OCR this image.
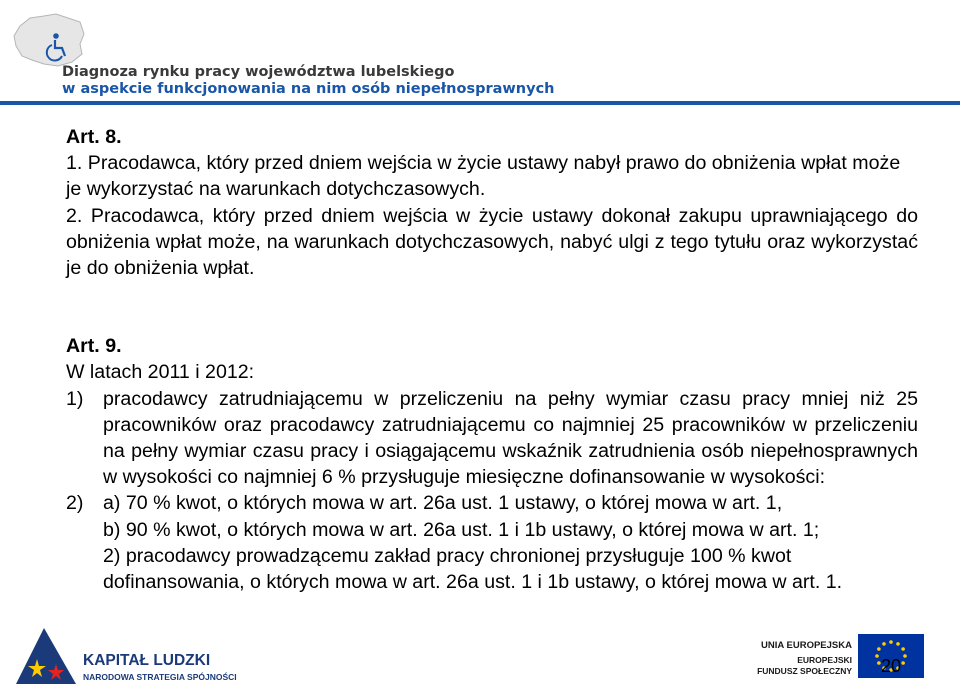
Diagnoza rynku pracy województwa lubelskiego
w aspekcie funkcjonowania na nim osób niepełnosprawnych

Art. 8.

1. Pracodawca, który przed dniem wejścia w życie ustawy nabył prawo do obniżenia wpłat może je wykorzystać na warunkach dotychczasowych.

2. Pracodawca, który przed dniem wejścia w życie ustawy dokonał zakupu uprawniającego do obniżenia wpłat może, na warunkach dotychczasowych, nabyć ulgi z tego tytułu oraz wykorzystać je do obniżenia wpłat.

Art. 9.

W latach 2011 i 2012:

1) pracodawcy zatrudniającemu w przeliczeniu na pełny wymiar czasu pracy mniej niż 25 pracowników oraz pracodawcy zatrudniającemu co najmniej 25 pracowników w przeliczeniu na pełny wymiar czasu pracy i osiągającemu wskaźnik zatrudnienia osób niepełnosprawnych w wysokości co najmniej 6 % przysługuje miesięczne dofinansowanie w wysokości:
2) a) 70 % kwot, o których mowa w art. 26a ust. 1 ustawy, o której mowa w art. 1,

b) 90 % kwot, o których mowa w art. 26a ust. 1 i 1b ustawy, o której mowa w art. 1;

2) pracodawcy prowadzącemu zakład pracy chronionej przysługuje 100 % kwot dofinansowania, o których mowa w art. 26a ust. 1 i 1b ustawy, o której mowa w art. 1.

KAPITAŁ LUDZKI
NARODOWA STRATEGIA SPÓJNOŚCI
UNIA EUROPEJSKA
EUROPEJSKI
FUNDUSZ SPOŁECZNY	20
